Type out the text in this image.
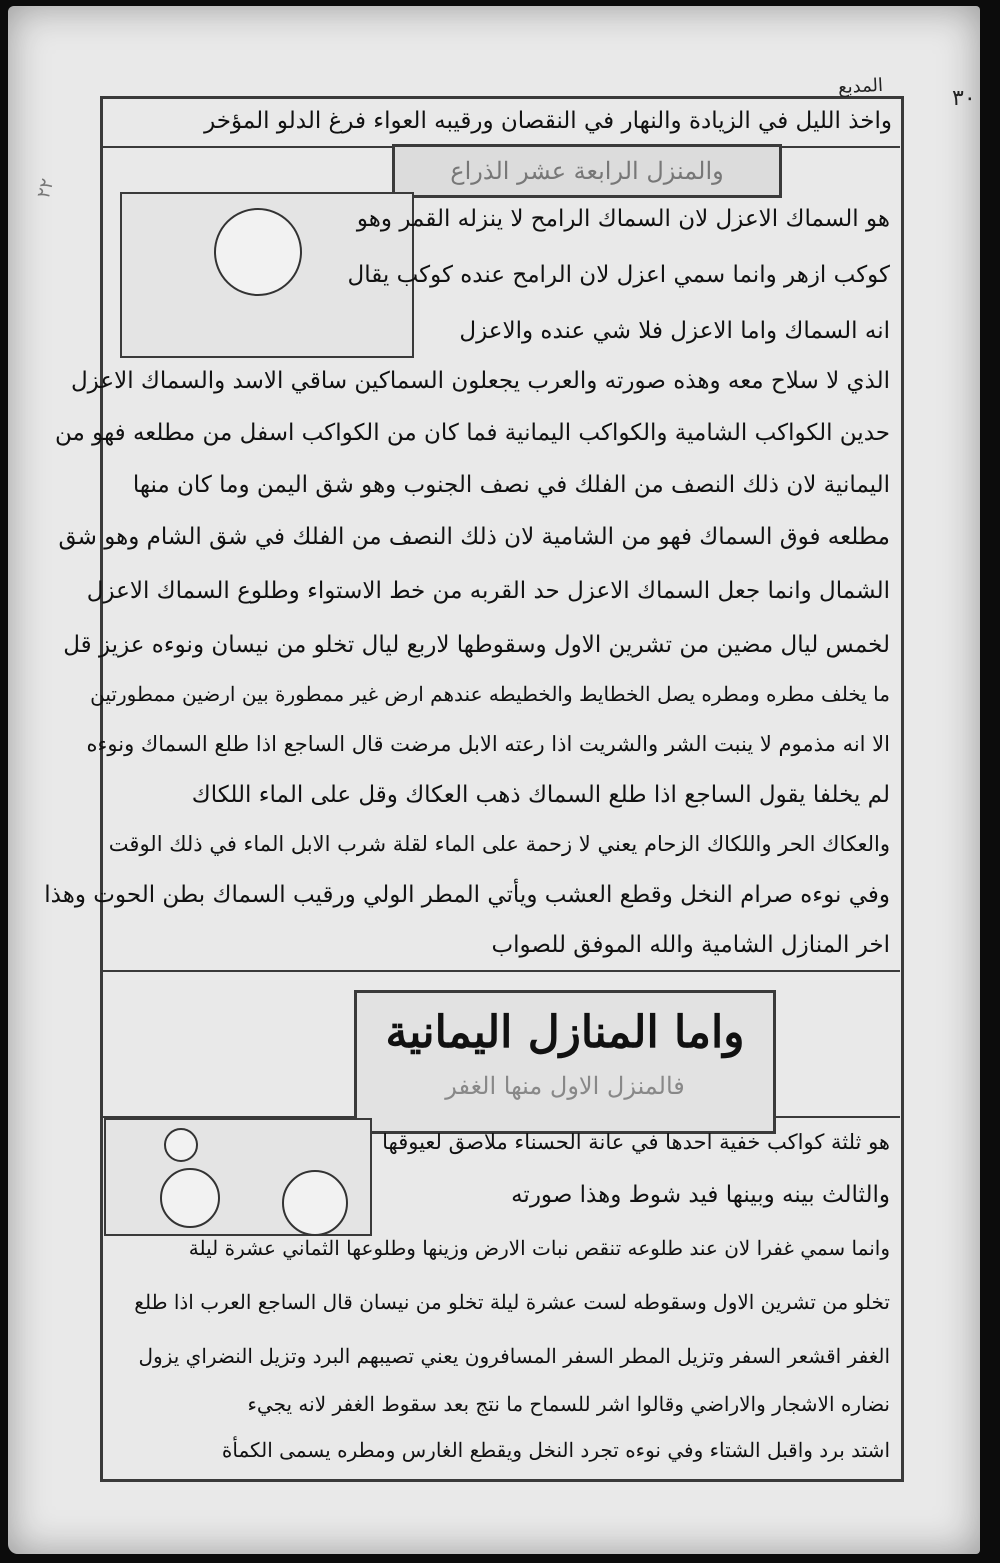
المدبع	٣٠
٢٢
واخذ الليل في الزيادة والنهار في النقصان ورقيبه العواء فرغ الدلو المؤخر
والمنزل الرابعة عشر الذراع
هو السماك الاعزل لان السماك الرامح لا ينزله القمر وهو
كوكب ازهر وانما سمي اعزل لان الرامح عنده كوكب يقال
انه السماك واما الاعزل فلا شي عنده والاعزل
الذي لا سلاح معه وهذه صورته والعرب يجعلون السماكين ساقي الاسد والسماك الاعزل
حدين الكواكب الشامية والكواكب اليمانية فما كان من الكواكب اسفل من مطلعه فهو من
اليمانية لان ذلك النصف من الفلك في نصف الجنوب وهو شق اليمن وما كان منها
مطلعه فوق السماك فهو من الشامية لان ذلك النصف من الفلك في شق الشام وهو شق
الشمال وانما جعل السماك الاعزل حد القربه من خط الاستواء وطلوع السماك الاعزل
لخمس ليال مضين من تشرين الاول وسقوطها لاربع ليال تخلو من نيسان ونوءه عزيز قل
ما يخلف مطره ومطره يصل الخطايط والخطيطه عندهم ارض غير ممطورة بين ارضين ممطورتين
الا انه مذموم لا ينبت الشر والشريت اذا رعته الابل مرضت قال الساجع اذا طلع السماك ونوءه
لم يخلفا يقول الساجع اذا طلع السماك ذهب العكاك وقل على الماء اللكاك
والعكاك الحر واللكاك الزحام يعني لا زحمة على الماء لقلة شرب الابل الماء في ذلك الوقت
وفي نوءه صرام النخل وقطع العشب ويأتي المطر الولي ورقيب السماك بطن الحوت وهذا
اخر المنازل الشامية والله الموفق للصواب
واما المنازل اليمانية
فالمنزل الاول منها الغفر
هو ثلثة كواكب خفية احدها في عانة الحسناء ملاصق لعيوقها
والثالث بينه وبينها فيد شوط وهذا صورته
وانما سمي غفرا لان عند طلوعه تنقص نبات الارض وزينها وطلوعها الثماني عشرة ليلة
تخلو من تشرين الاول وسقوطه لست عشرة ليلة تخلو من نيسان قال الساجع العرب اذا طلع
الغفر اقشعر السفر وتزيل المطر السفر المسافرون يعني تصيبهم البرد وتزيل النضراي يزول
نضاره الاشجار والاراضي وقالوا اشر للسماح ما نتج بعد سقوط الغفر لانه يجيء
اشتد برد واقبل الشتاء وفي نوءه تجرد النخل ويقطع الغارس ومطره يسمى الكمأة
